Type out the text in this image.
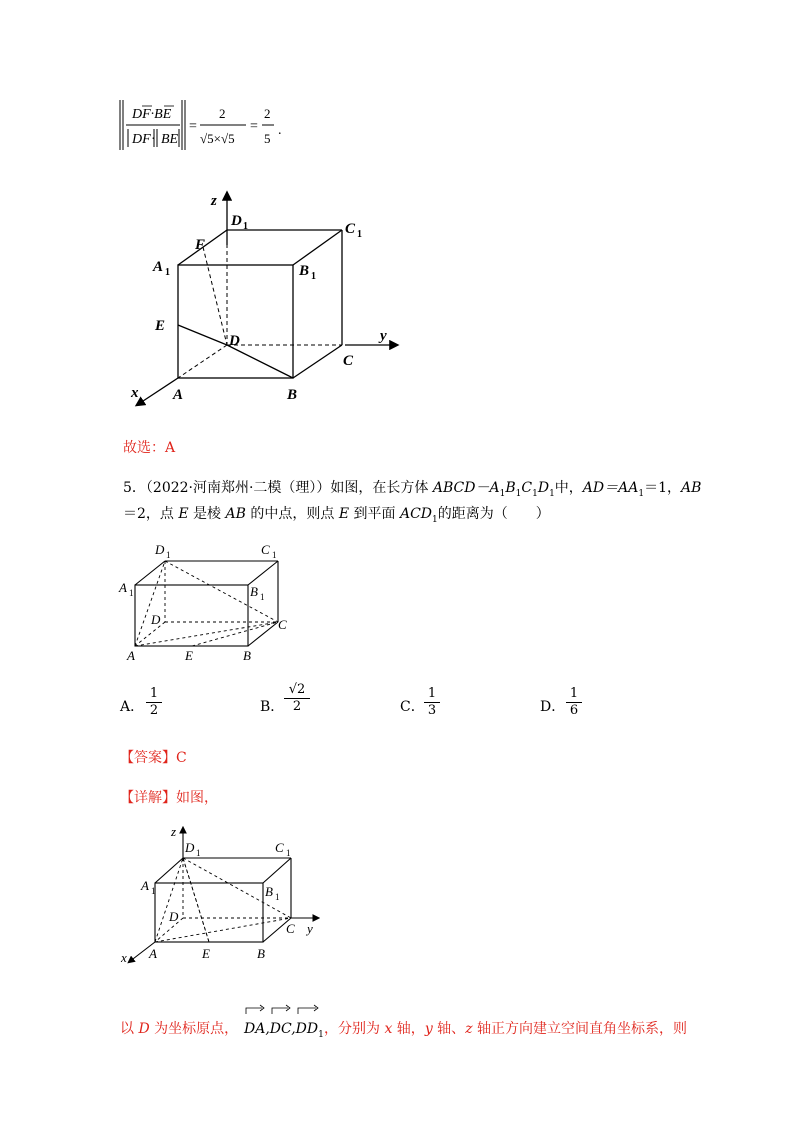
DF·BE
DF · BE
=
2
√5×√5
=
2
5
.
z
D 1	C 1
F
A 1	B 1
E
D	y
C
x A	B
故选：A
5．（2022·河南郑州·二模（理））如图，在长方体 $ABCD-A_1B_1C_1D_1$中，$AD=AA_1=1$，AB
＝2，点 E 是棱 AB 的中点，则点 E 到平面 $ACD_1$的距离为（　　）
D 1	C 1
A 1	B 1
D	C
A	E	B
A． $\frac{1}{2}$	B． $\frac{√2}{2}$	C． $\frac{1}{3}$	D． $\frac{1}{6}$
【答案】C
【详解】如图，
z
D 1	C 1
A 1	B 1
D
C y
x A	E	B
以 D 为坐标原点， $DA,DC,DD_1$ ，分别为 x 轴，y 轴、z 轴正方向建立空间直角坐标系，则
